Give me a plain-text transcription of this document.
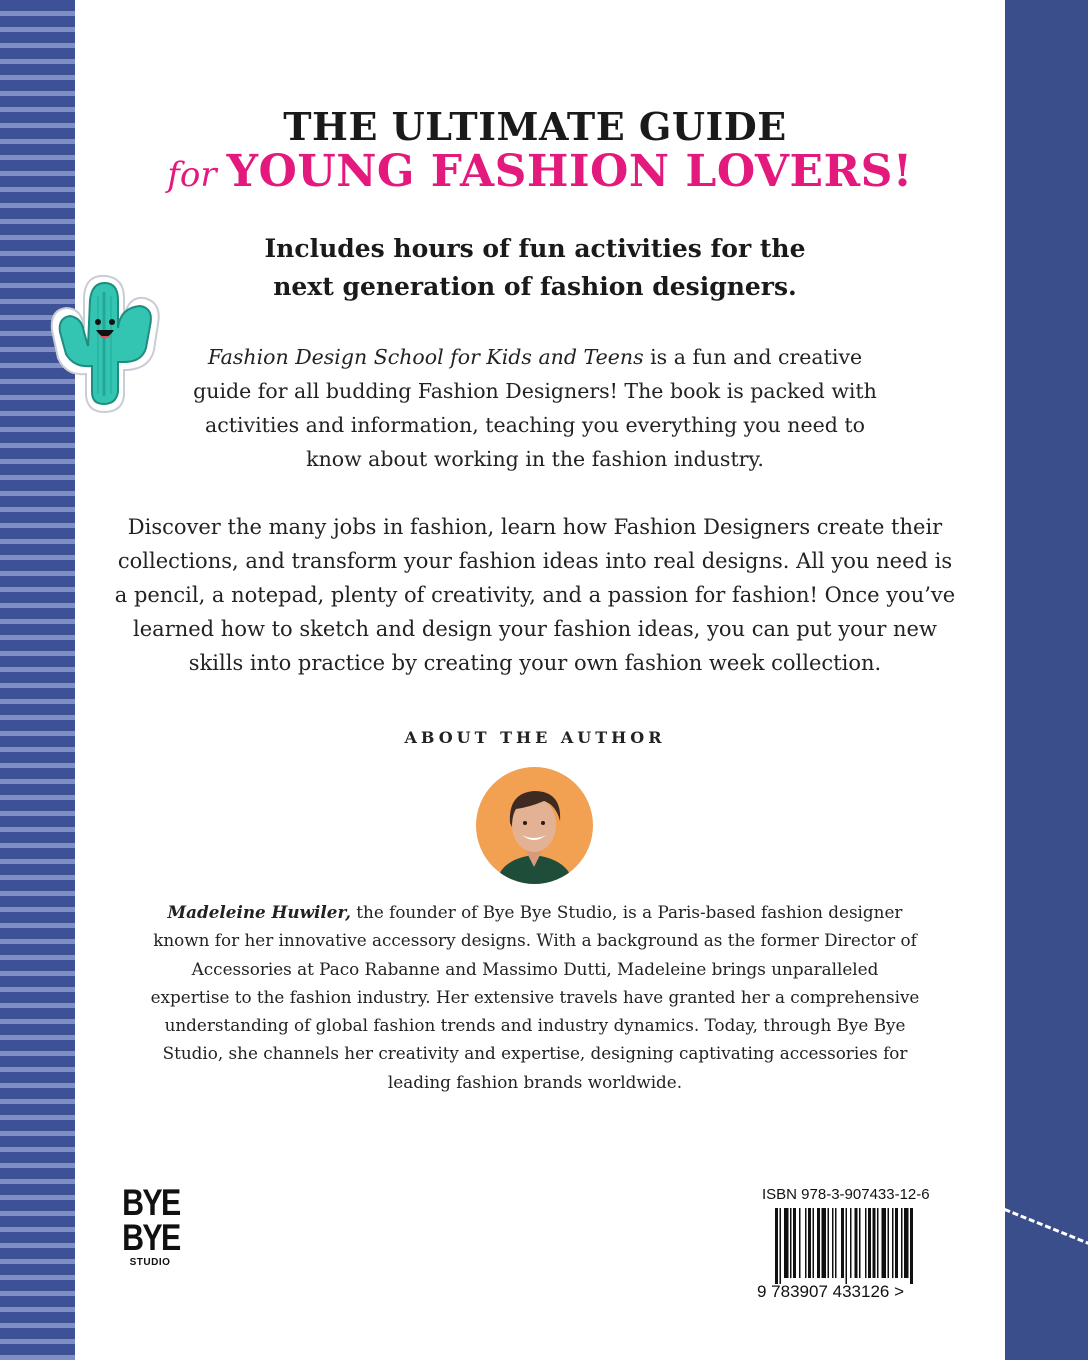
THE ULTIMATE GUIDE
for YOUNG FASHION LOVERS!
Includes hours of fun activities for the
next generation of fashion designers.

Fashion Design School for Kids and Teens is a fun and creative guide for all budding Fashion Designers! The book is packed with activities and information, teaching you everything you need to know about working in the fashion industry.

Discover the many jobs in fashion, learn how Fashion Designers create their collections, and transform your fashion ideas into real designs. All you need is a pencil, a notepad, plenty of creativity, and a passion for fashion! Once you’ve learned how to sketch and design your fashion ideas, you can put your new skills into practice by creating your own fashion week collection.

ABOUT THE AUTHOR

Madeleine Huwiler, the founder of Bye Bye Studio, is a Paris-based fashion designer known for her innovative accessory designs. With a background as the former Director of Accessories at Paco Rabanne and Massimo Dutti, Madeleine brings unparalleled expertise to the fashion industry. Her extensive travels have granted her a comprehensive understanding of global fashion trends and industry dynamics. Today, through Bye Bye Studio, she channels her creativity and expertise, designing captivating accessories for leading fashion brands worldwide.

BYE
BYE
STUDIO
ISBN 978-3-907433-12-6
9 783907 433126 >
